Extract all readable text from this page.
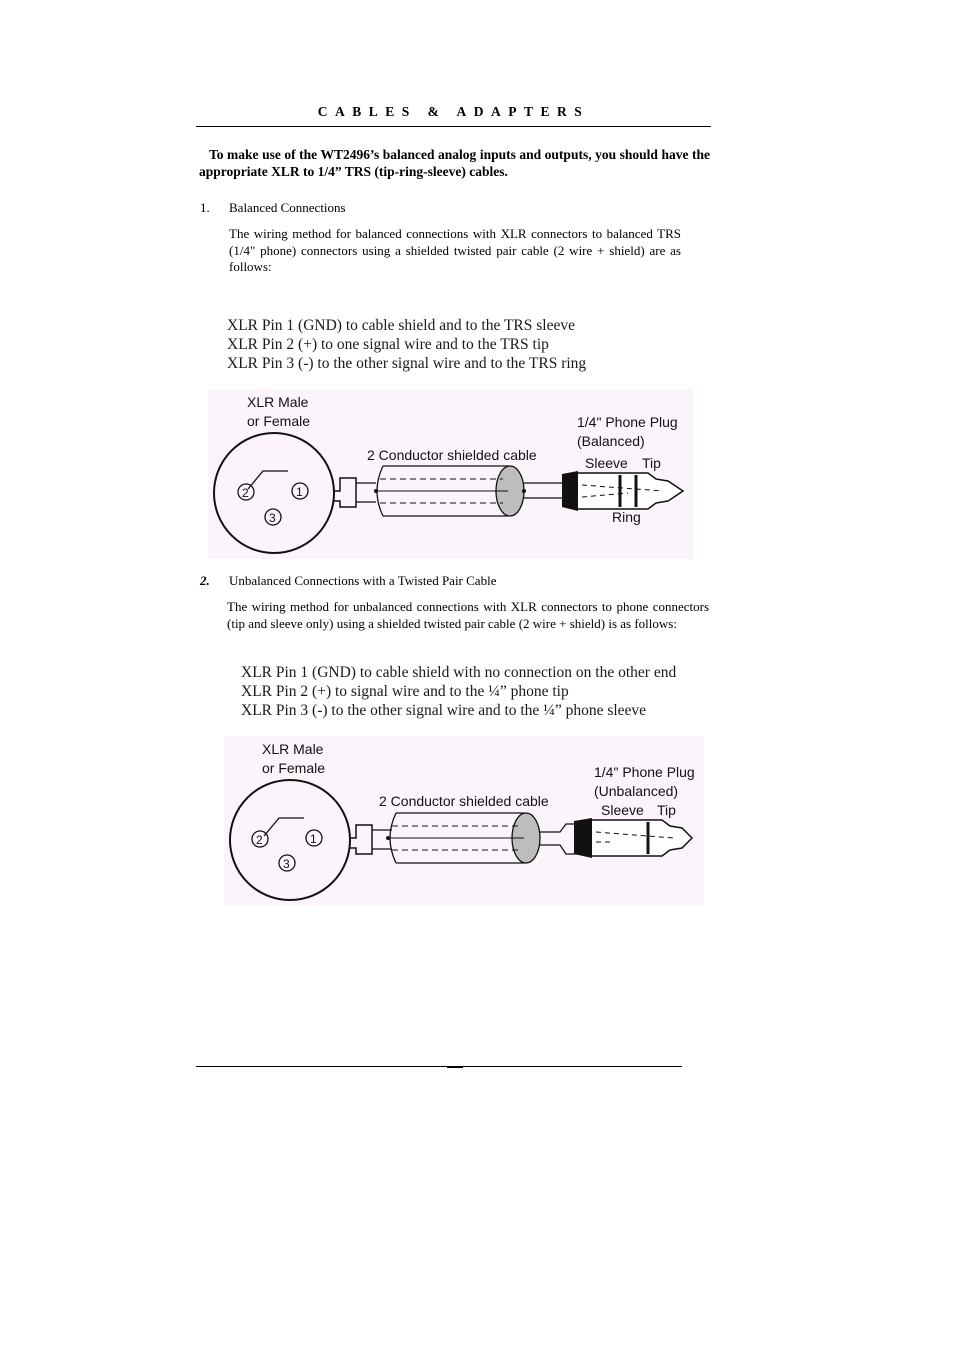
CABLES & ADAPTERS
To make use of the WT2496’s balanced analog inputs and outputs, you should have the appropriate XLR to 1/4” TRS (tip-ring-sleeve) cables.
1. Balanced Connections
The wiring method for balanced connections with XLR connectors to balanced TRS (1/4" phone) connectors using a shielded twisted pair cable (2 wire + shield) are as follows:
XLR Pin 1 (GND) to cable shield and to the TRS sleeve
XLR Pin 2 (+) to one signal wire and to the TRS tip
XLR Pin 3 (-) to the other signal wire and to the TRS ring
XLR Male
or Female
2 Conductor shielded cable
1/4" Phone Plug
(Balanced)
Sleeve Tip
Ring
2	1
3
2. Unbalanced Connections with a Twisted Pair Cable
The wiring method for unbalanced connections with XLR connectors to phone connectors (tip and sleeve only) using a shielded twisted pair cable (2 wire + shield) is as follows:
XLR Pin 1 (GND) to cable shield with no connection on the other end
XLR Pin 2 (+) to signal wire and to the ¼” phone tip
XLR Pin 3 (-) to the other signal wire and to the ¼” phone sleeve
XLR Male
or Female
2 Conductor shielded cable
1/4" Phone Plug
(Unbalanced)
Sleeve Tip
2	1
3
